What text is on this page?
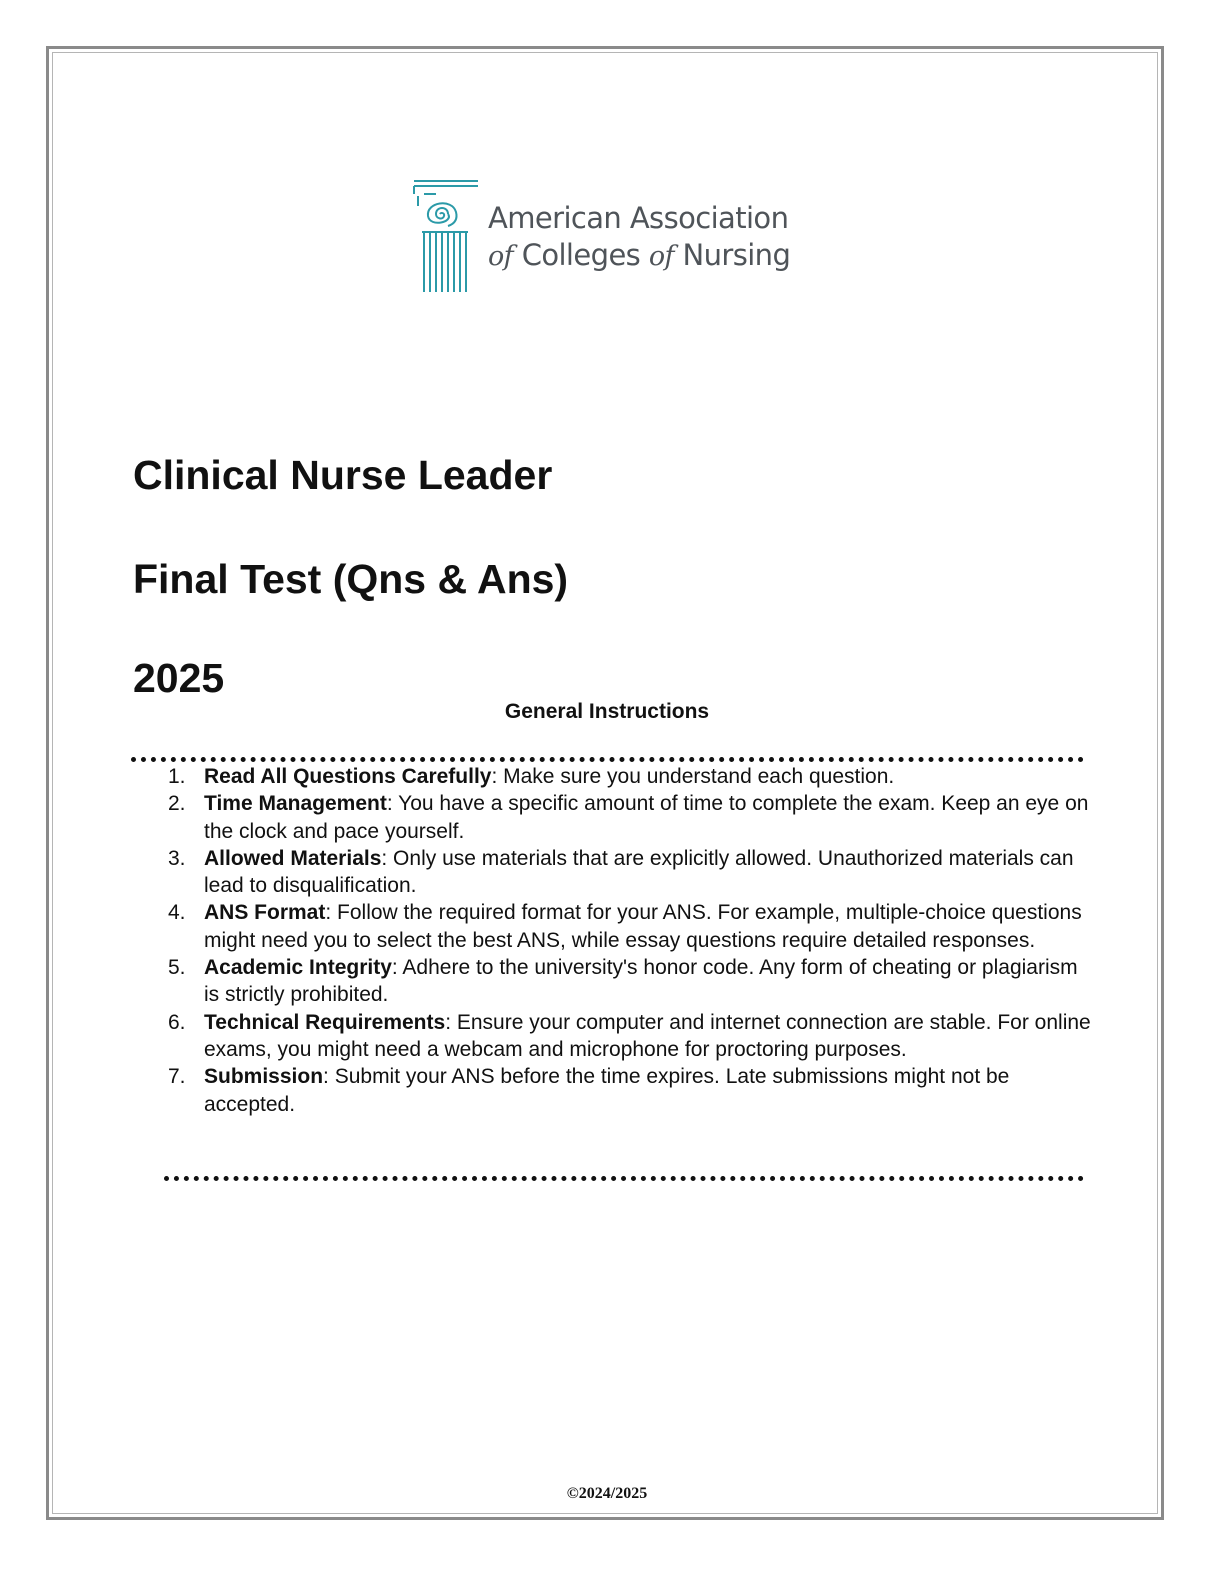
American Association
of Colleges of Nursing
Clinical Nurse Leader
Final Test (Qns & Ans)
2025
General Instructions
1. Read All Questions Carefully: Make sure you understand each question.
2. Time Management: You have a specific amount of time to complete the exam. Keep an eye on the clock and pace yourself.
3. Allowed Materials: Only use materials that are explicitly allowed. Unauthorized materials can lead to disqualification.
4. ANS Format: Follow the required format for your ANS. For example, multiple-choice questions might need you to select the best ANS, while essay questions require detailed responses.
5. Academic Integrity: Adhere to the university's honor code. Any form of cheating or plagiarism is strictly prohibited.
6. Technical Requirements: Ensure your computer and internet connection are stable. For online exams, you might need a webcam and microphone for proctoring purposes.
7. Submission: Submit your ANS before the time expires. Late submissions might not be accepted.
©2024/2025
